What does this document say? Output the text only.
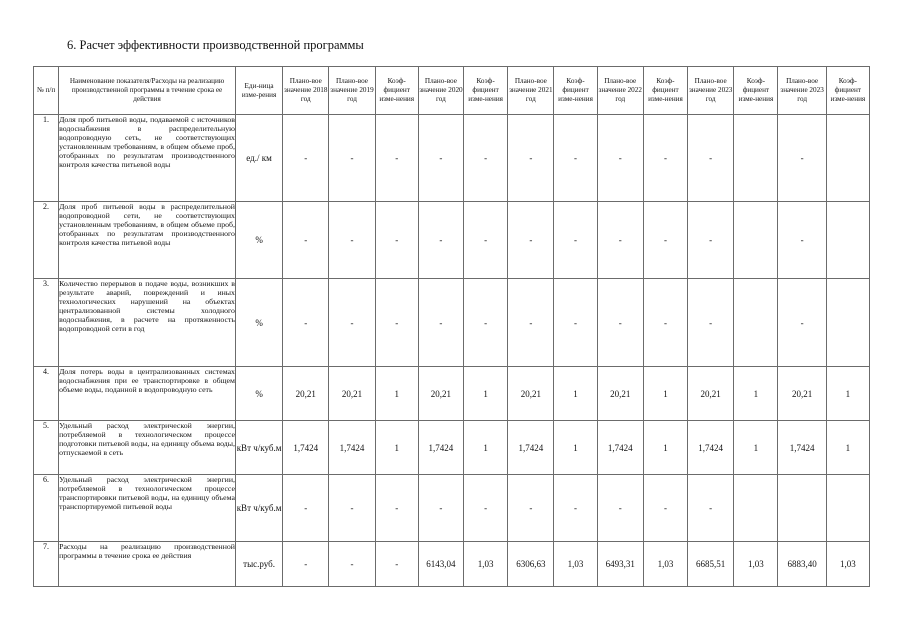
6. Расчет эффективности производственной программы
№ п/п	Наименование показателя/Расходы на реализацию производственной программы в течение срока ее действия	Еди-ница изме-рения	Плано-вое значение 2018 год	Плано-вое значение 2019 год	Коэф-фициент изме-нения	Плано-вое значение 2020 год	Коэф-фициент изме-нения	Плано-вое значение 2021 год	Коэф-фициент изме-нения	Плано-вое значение 2022 год	Коэф-фициент изме-нения	Плано-вое значение 2023 год	Коэф-фициент изме-нения	Плано-вое значение 2023 год	Коэф-фициент изме-нения
1.	Доля проб питьевой воды, подаваемой с источников водоснабжения в распределительную водопроводную сеть, не соответствующих установленным требованиям, в общем объеме проб, отобранных по результатам производственного контроля качества питьевой воды	ед./ км	-	-	-	-	-	-	-	-	-	-		-	
2.	Доля проб питьевой воды в распределительной водопроводной сети, не соответствующих установленным требованиям, в общем объеме проб, отобранных по результатам производственного контроля качества питьевой воды	%	-	-	-	-	-	-	-	-	-	-		-	
3.	Количество перерывов в подаче воды, возникших в результате аварий, повреждений и иных технологических нарушений на объектах централизованной системы холодного водоснабжения, в расчете на протяженность водопроводной сети в год	%	-	-	-	-	-	-	-	-	-	-		-	
4.	Доля потерь воды в централизованных системах водоснабжения при ее транспортировке в общем объеме воды, поданной в водопроводную сеть	%	20,21	20,21	1	20,21	1	20,21	1	20,21	1	20,21	1	20,21	1
5.	Удельный расход электрической энергии, потребляемой в технологическом процессе подготовки питьевой воды, на единицу объема воды, отпускаемой в сеть	кВт ч/куб.м	1,7424	1,7424	1	1,7424	1	1,7424	1	1,7424	1	1,7424	1	1,7424	1
6.	Удельный расход электрической энергии, потребляемой в технологическом процессе транспортировки питьевой воды, на единицу объема транспортируемой питьевой воды	кВт ч/куб.м	-	-	-	-	-	-	-	-	-	-			
7.	Расходы на реализацию производственной программы в течение срока ее действия	тыс.руб.	-	-	-	6143,04	1,03	6306,63	1,03	6493,31	1,03	6685,51	1,03	6883,40	1,03
